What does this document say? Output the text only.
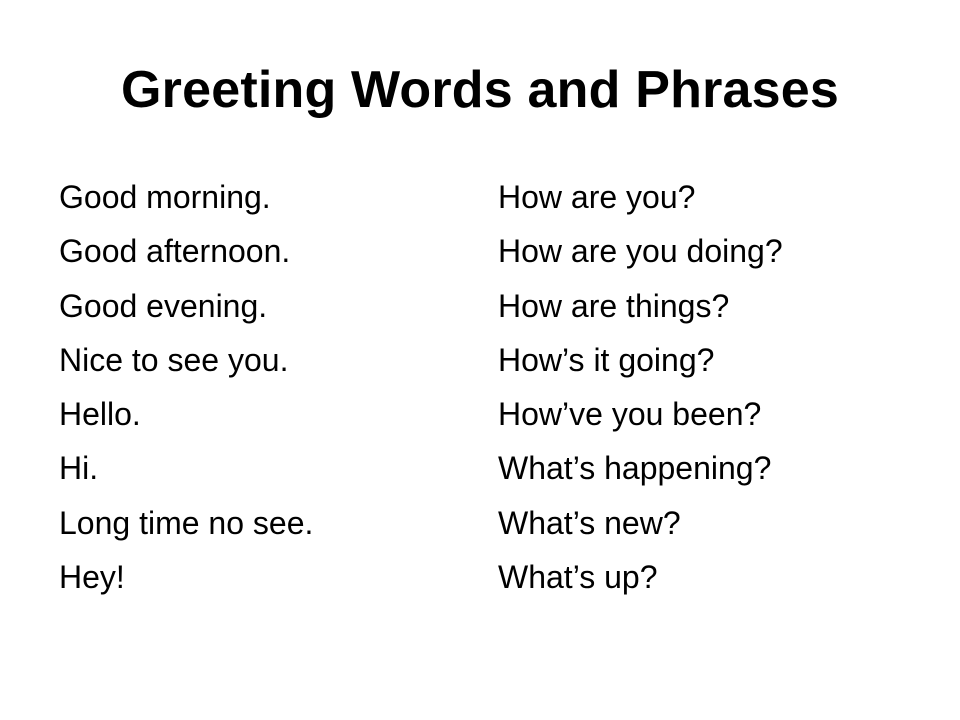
Greeting Words and Phrases
Good morning.
Good afternoon.
Good evening.
Nice to see you.
Hello.
Hi.
Long time no see.
Hey!
How are you?
How are you doing?
How are things?
How’s it going?
How’ve you been?
What’s happening?
What’s new?
What’s up?
